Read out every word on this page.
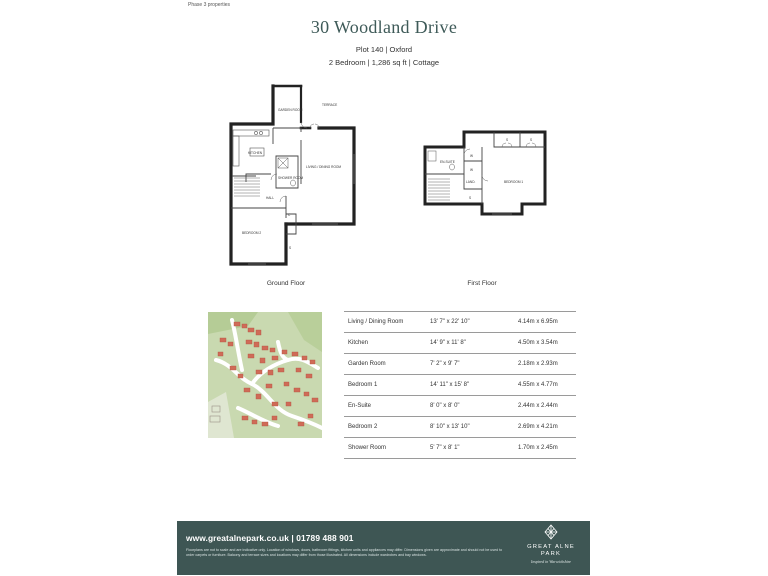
Phase 3 properties
30 Woodland Drive
Plot 140 | Oxford
2 Bedroom | 1,286 sq ft | Cottage
GARDEN ROOM
TERRACE
KITCHEN
LIVING / DINING ROOM
SHOWER ROOM
HALL
BEDROOM 2
C
S
EN-SUITE
BEDROOM 1
LAND.
W
W
S	S
S
Ground Floor	First Floor
Living / Dining Room	13' 7" x 22' 10"	4.14m x 6.95m
Kitchen	14' 9" x 11' 8"	4.50m x 3.54m
Garden Room	7' 2" x 9' 7"	2.18m x 2.93m
Bedroom 1	14' 11" x 15' 8"	4.55m x 4.77m
En-Suite	8' 0" x 8' 0"	2.44m x 2.44m
Bedroom 2	8' 10" x 13' 10"	2.69m x 4.21m
Shower Room	5' 7" x 8' 1"	1.70m x 2.45m
www.greatalnepark.co.uk | 01789 488 901
Floorplans are not to scale and are indicative only. Location of windows, doors, bathroom fittings, kitchen units and appliances may differ. Dimensions given are approximate and should not be used to order carpets or furniture. Balcony and terrace sizes and locations may differ from those illustrated. All dimensions include wardrobes and bay windows.
GREAT ALNE
PARK
Inspired in Warwickshire
